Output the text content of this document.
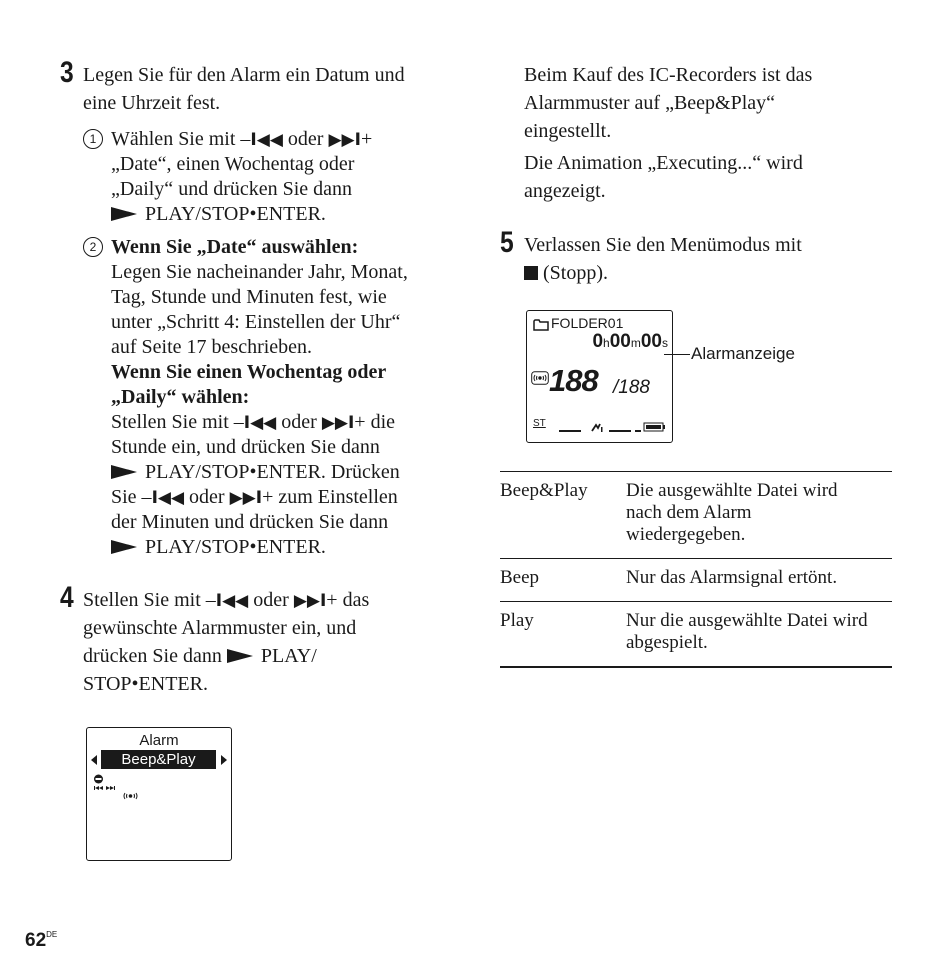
3 Legen Sie für den Alarm ein Datum und
eine Uhrzeit fest.
1 Wählen Sie mit –I◀◀ oder ▶▶I+
„Date“, einen Wochentag oder
„Daily“ und drücken Sie dann
PLAY/STOP•ENTER.
2 Wenn Sie „Date“ auswählen:
Legen Sie nacheinander Jahr, Monat,
Tag, Stunde und Minuten fest, wie
unter „Schritt 4: Einstellen der Uhr“
auf Seite 17 beschrieben.
Wenn Sie einen Wochentag oder
„Daily“ wählen:
Stellen Sie mit –I◀◀ oder ▶▶I+ die
Stunde ein, und drücken Sie dann
PLAY/STOP•ENTER. Drücken
Sie –I◀◀ oder ▶▶I+ zum Einstellen
der Minuten und drücken Sie dann
PLAY/STOP•ENTER.
4 Stellen Sie mit –I◀◀ oder ▶▶I+ das
gewünschte Alarmmuster ein, und
drücken Sie dann PLAY/
STOP•ENTER.
Alarm
Beep&Play
Beim Kauf des IC-Recorders ist das
Alarmmuster auf „Beep&Play“
eingestellt.
Die Animation „Executing...“ wird
angezeigt.
5 Verlassen Sie den Menümodus mit
(Stopp).
FOLDER01
0h00m00s
188 /188
ST
Alarmanzeige
Beep&Play	Die ausgewählte Datei wird
nach dem Alarm
wiedergegeben.

Beep	Nur das Alarmsignal ertönt.

Play	Nur die ausgewählte Datei wird
abgespielt.
62DE
